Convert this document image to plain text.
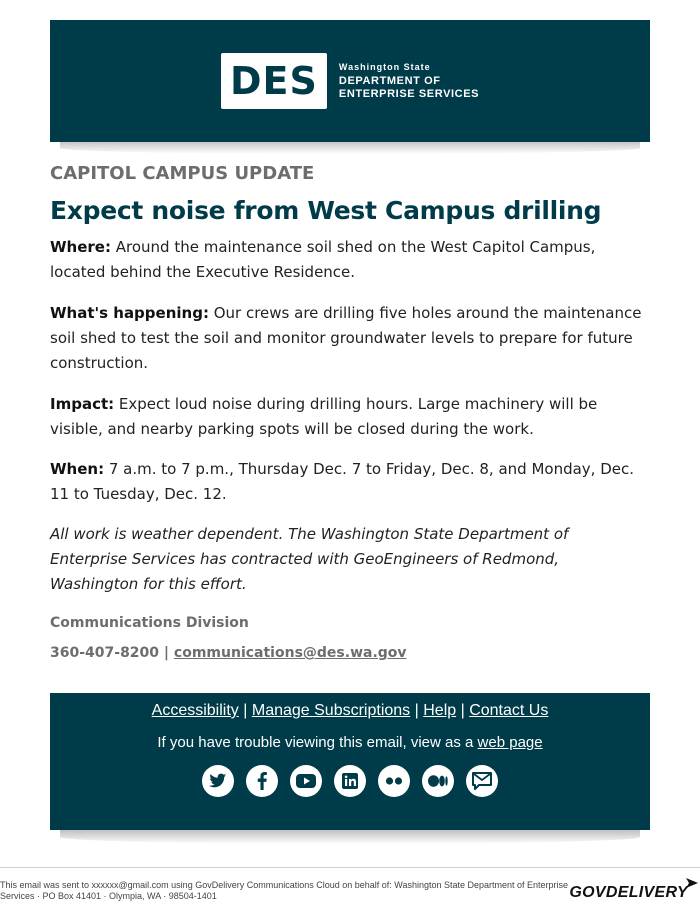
DES Washington State
DEPARTMENT OF
ENTERPRISE SERVICES
CAPITOL CAMPUS UPDATE
Expect noise from West Campus drilling
Where: Around the maintenance soil shed on the West Capitol Campus, located behind the Executive Residence.
What's happening: Our crews are drilling five holes around the maintenance soil shed to test the soil and monitor groundwater levels to prepare for future construction.
Impact: Expect loud noise during drilling hours. Large machinery will be visible, and nearby parking spots will be closed during the work.
When: 7 a.m. to 7 p.m., Thursday Dec. 7 to Friday, Dec. 8, and Monday, Dec. 11 to Tuesday, Dec. 12.
All work is weather dependent. The Washington State Department of Enterprise Services has contracted with GeoEngineers of Redmond, Washington for this effort.
Communications Division
360-407-8200 | communications@des.wa.gov
Accessibility | Manage Subscriptions | Help | Contact Us
If you have trouble viewing this email, view as a web page
This email was sent to xxxxxx@gmail.com using GovDelivery Communications Cloud on behalf of: Washington State Department of Enterprise Services · PO Box 41401 · Olympia, WA · 98504-1401	GOVDELIVERY
